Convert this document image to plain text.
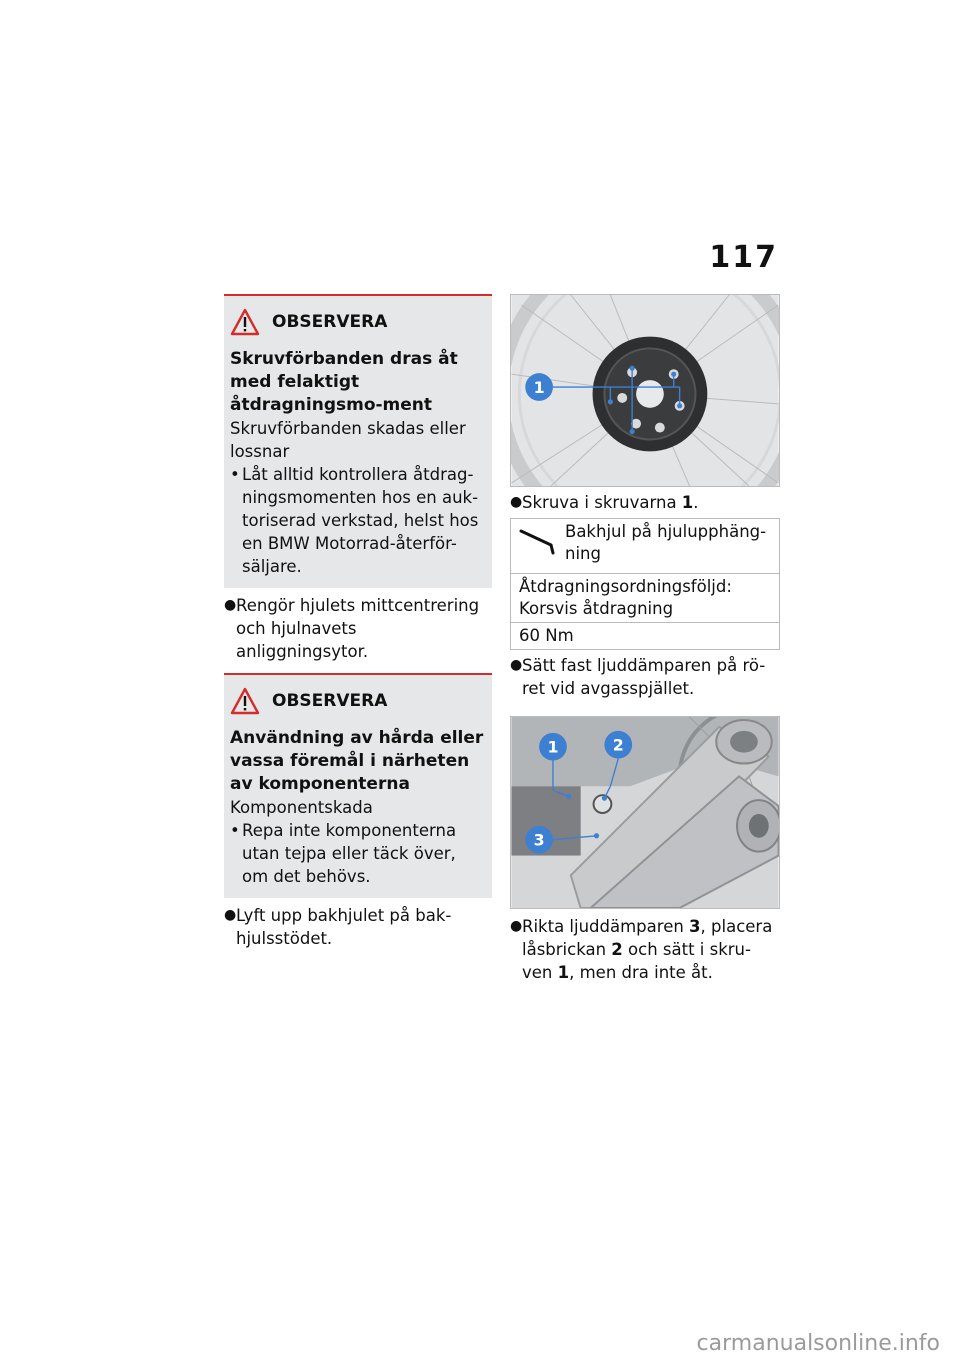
117
OBSERVERA
Skruvförbanden dras åt med felaktigt åtdragningsmo-ment
Skruvförbanden skadas eller lossnar
• Låt alltid kontrollera åtdrag-ningsmomenten hos en auk-toriserad verkstad, helst hos en BMW Motorrad-återför-säljare.
● Rengör hjulets mittcentrering och hjulnavets anliggningsytor.
OBSERVERA
Användning av hårda eller vassa föremål i närheten av komponenterna
Komponentskada
• Repa inte komponenterna utan tejpa eller täck över, om det behövs.
● Lyft upp bakhjulet på bak-hjulsstödet.
1
● Skruva i skruvarna 1.
Bakhjul på hjulupphäng-ning

Åtdragningsordningsföljd: Korsvis åtdragning
60 Nm
● Sätt fast ljuddämparen på rö-ret vid avgasspjället.
1	2
3
● Rikta ljuddämparen 3, placera låsbrickan 2 och sätt i skru-ven 1, men dra inte åt.
carmanualsonline.info
